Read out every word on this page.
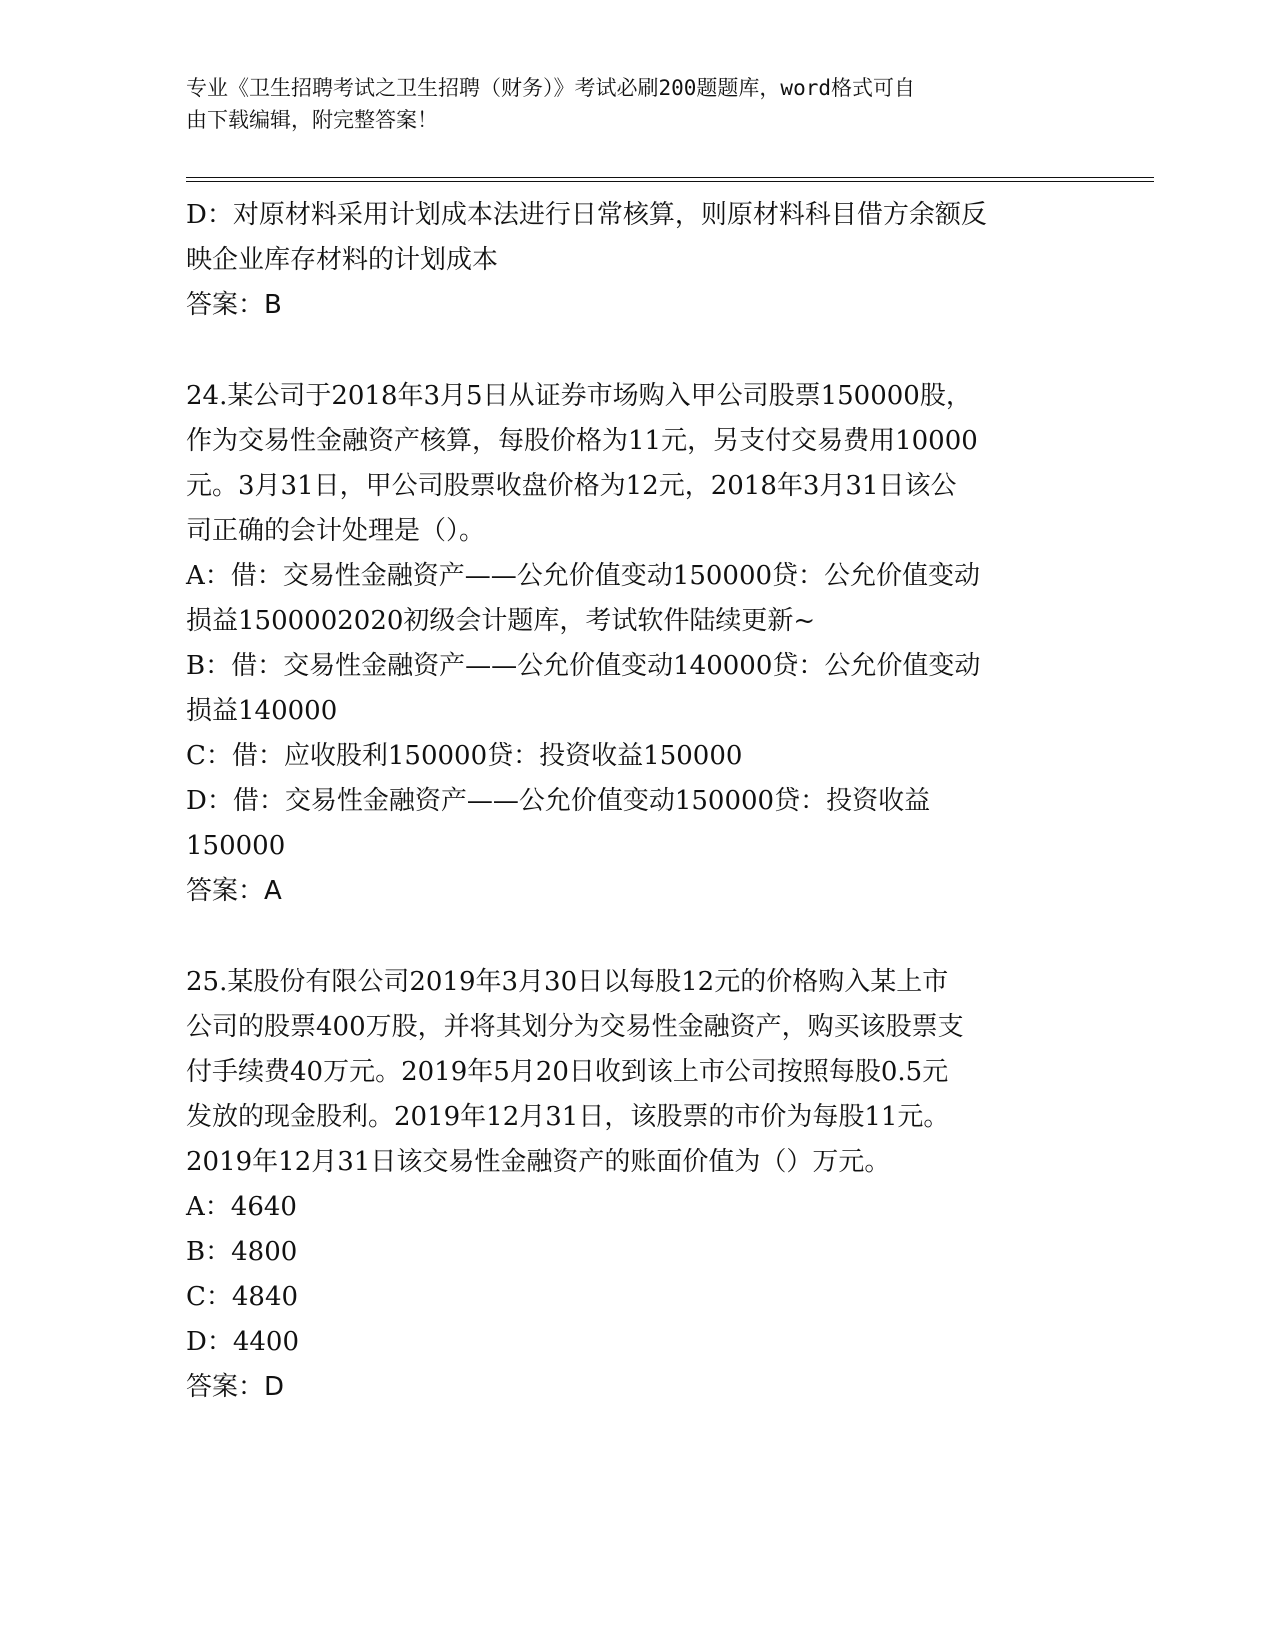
专业《卫生招聘考试之卫生招聘（财务）》考试必刷200题题库，word格式可自
由下载编辑，附完整答案！
D：对原材料采用计划成本法进行日常核算，则原材料科目借方余额反
映企业库存材料的计划成本
答案：B
24.某公司于2018年3月5日从证券市场购入甲公司股票150000股，
作为交易性金融资产核算，每股价格为11元，另支付交易费用10000
元。3月31日，甲公司股票收盘价格为12元，2018年3月31日该公
司正确的会计处理是（）。
A：借：交易性金融资产——公允价值变动150000贷：公允价值变动
损益1500002020初级会计题库，考试软件陆续更新~
B：借：交易性金融资产——公允价值变动140000贷：公允价值变动
损益140000
C：借：应收股利150000贷：投资收益150000
D：借：交易性金融资产——公允价值变动150000贷：投资收益
150000
答案：A
25.某股份有限公司2019年3月30日以每股12元的价格购入某上市
公司的股票400万股，并将其划分为交易性金融资产，购买该股票支
付手续费40万元。2019年5月20日收到该上市公司按照每股0.5元
发放的现金股利。2019年12月31日，该股票的市价为每股11元。
2019年12月31日该交易性金融资产的账面价值为（）万元。
A：4640
B：4800
C：4840
D：4400
答案：D
